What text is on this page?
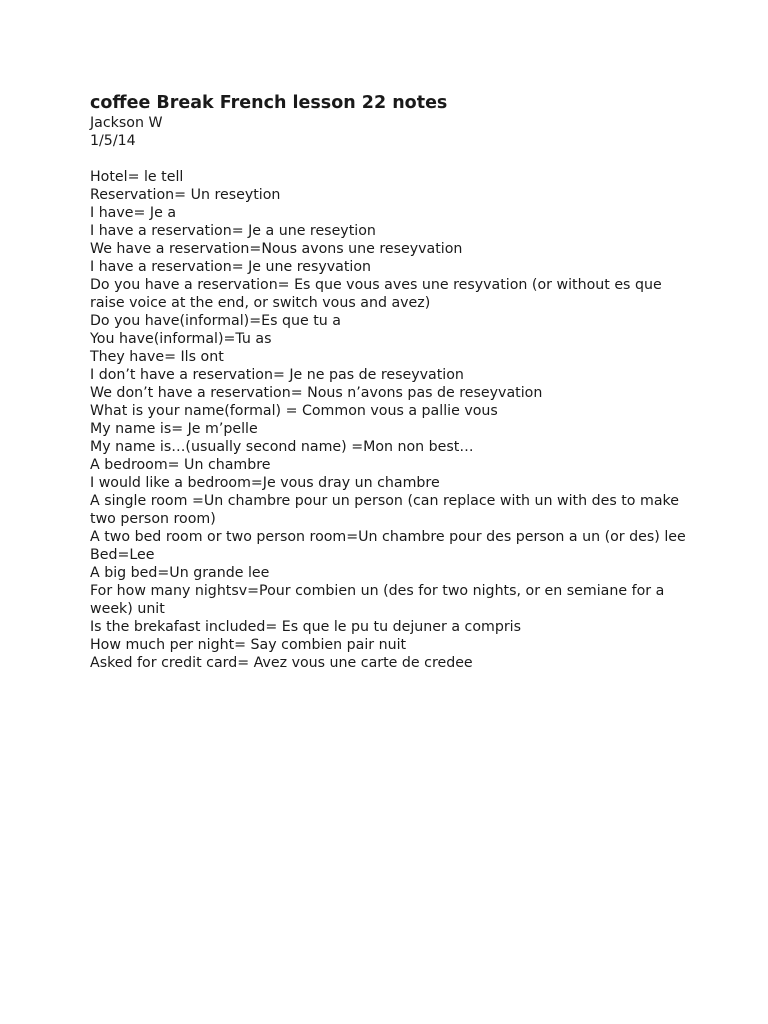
coffee Break French lesson 22 notes

Jackson W

1/5/14

Hotel= le tell

Reservation= Un reseytion

I have= Je a

I have a reservation= Je a une reseytion

We have a reservation=Nous avons une reseyvation

I have a reservation= Je une resyvation

Do you have a reservation= Es que vous aves une resyvation (or without es que raise voice at the end, or switch vous and avez)

Do you have(informal)=Es que tu a

You have(informal)=Tu as

They have= Ils ont

I don’t have a reservation= Je ne pas de reseyvation

We don’t have a reservation= Nous n’avons pas de reseyvation

What is your name(formal) = Common vous a pallie vous

My name is= Je m’pelle

My name is…(usually second name) =Mon non best…

A bedroom= Un chambre

I would like a bedroom=Je vous dray un chambre

A single room =Un chambre pour un person (can replace with un with des to make two person room)

A two bed room or two person room=Un chambre pour des person a un (or des) lee

Bed=Lee

A big bed=Un grande lee

For how many nightsv=Pour combien un (des for two nights, or en semiane for a week) unit

Is the brekafast included= Es que le pu tu dejuner a compris

How much per night= Say combien pair nuit

Asked for credit card= Avez vous une carte de credee
